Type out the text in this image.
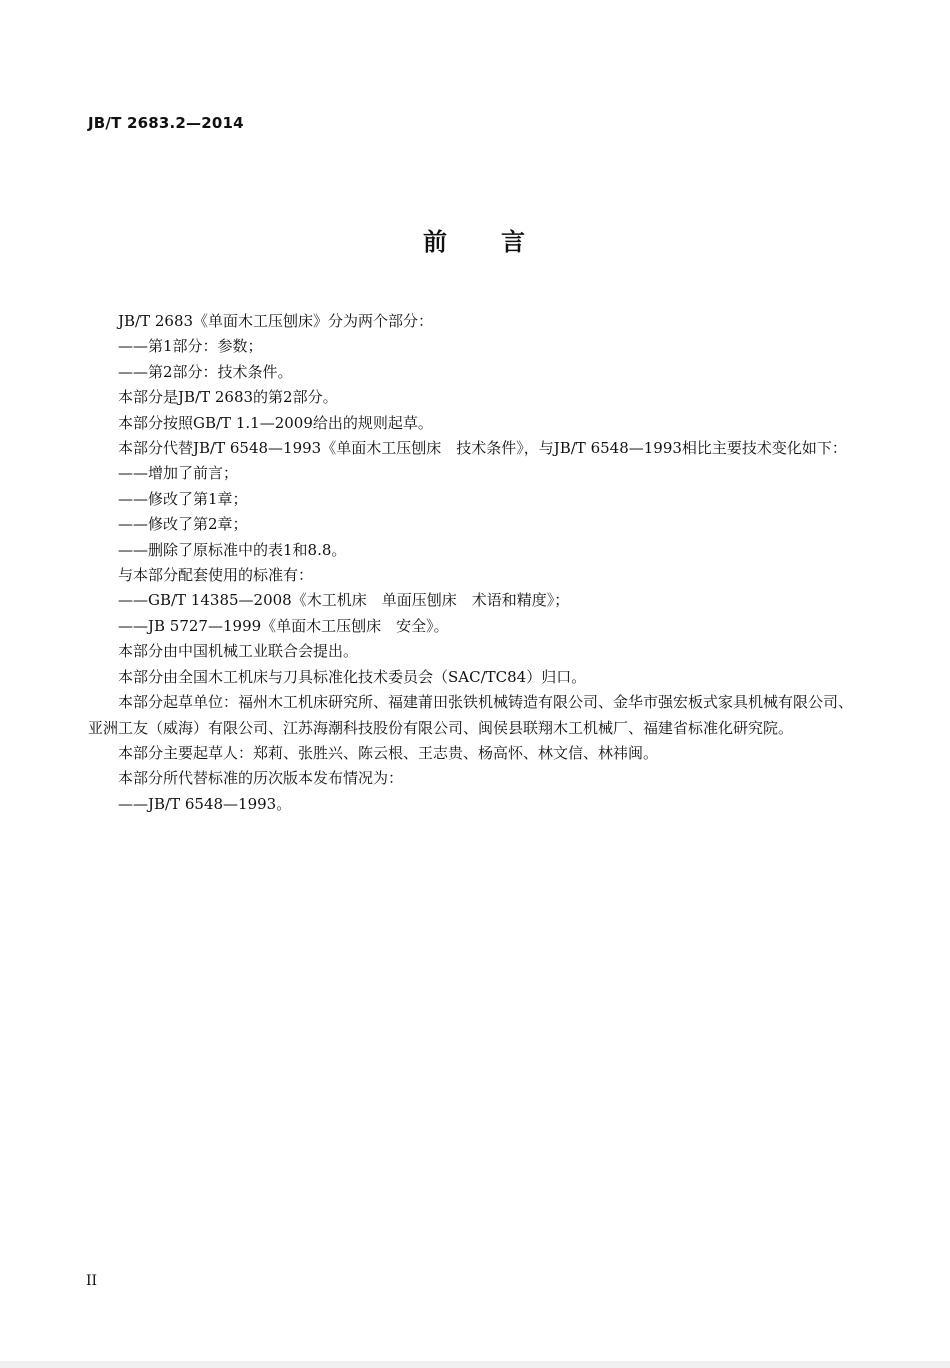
JB/T 2683.2—2014
前 言

JB/T 2683《单面木工压刨床》分为两个部分：

——第1部分：参数；

——第2部分：技术条件。

本部分是JB/T 2683的第2部分。

本部分按照GB/T 1.1—2009给出的规则起草。

本部分代替JB/T 6548—1993《单面木工压刨床　技术条件》，与JB/T 6548—1993相比主要技术变化如下：

——增加了前言；

——修改了第1章；

——修改了第2章；

——删除了原标准中的表1和8.8。

与本部分配套使用的标准有：

——GB/T 14385—2008《木工机床　单面压刨床　术语和精度》；

——JB 5727—1999《单面木工压刨床　安全》。

本部分由中国机械工业联合会提出。

本部分由全国木工机床与刀具标准化技术委员会（SAC/TC84）归口。

本部分起草单位：福州木工机床研究所、福建莆田张铁机械铸造有限公司、金华市强宏板式家具机械有限公司、亚洲工友（威海）有限公司、江苏海潮科技股份有限公司、闽侯县联翔木工机械厂、福建省标准化研究院。

本部分主要起草人：郑莉、张胜兴、陈云根、王志贵、杨高怀、林文信、林祎闽。

本部分所代替标准的历次版本发布情况为：

——JB/T 6548—1993。

II
